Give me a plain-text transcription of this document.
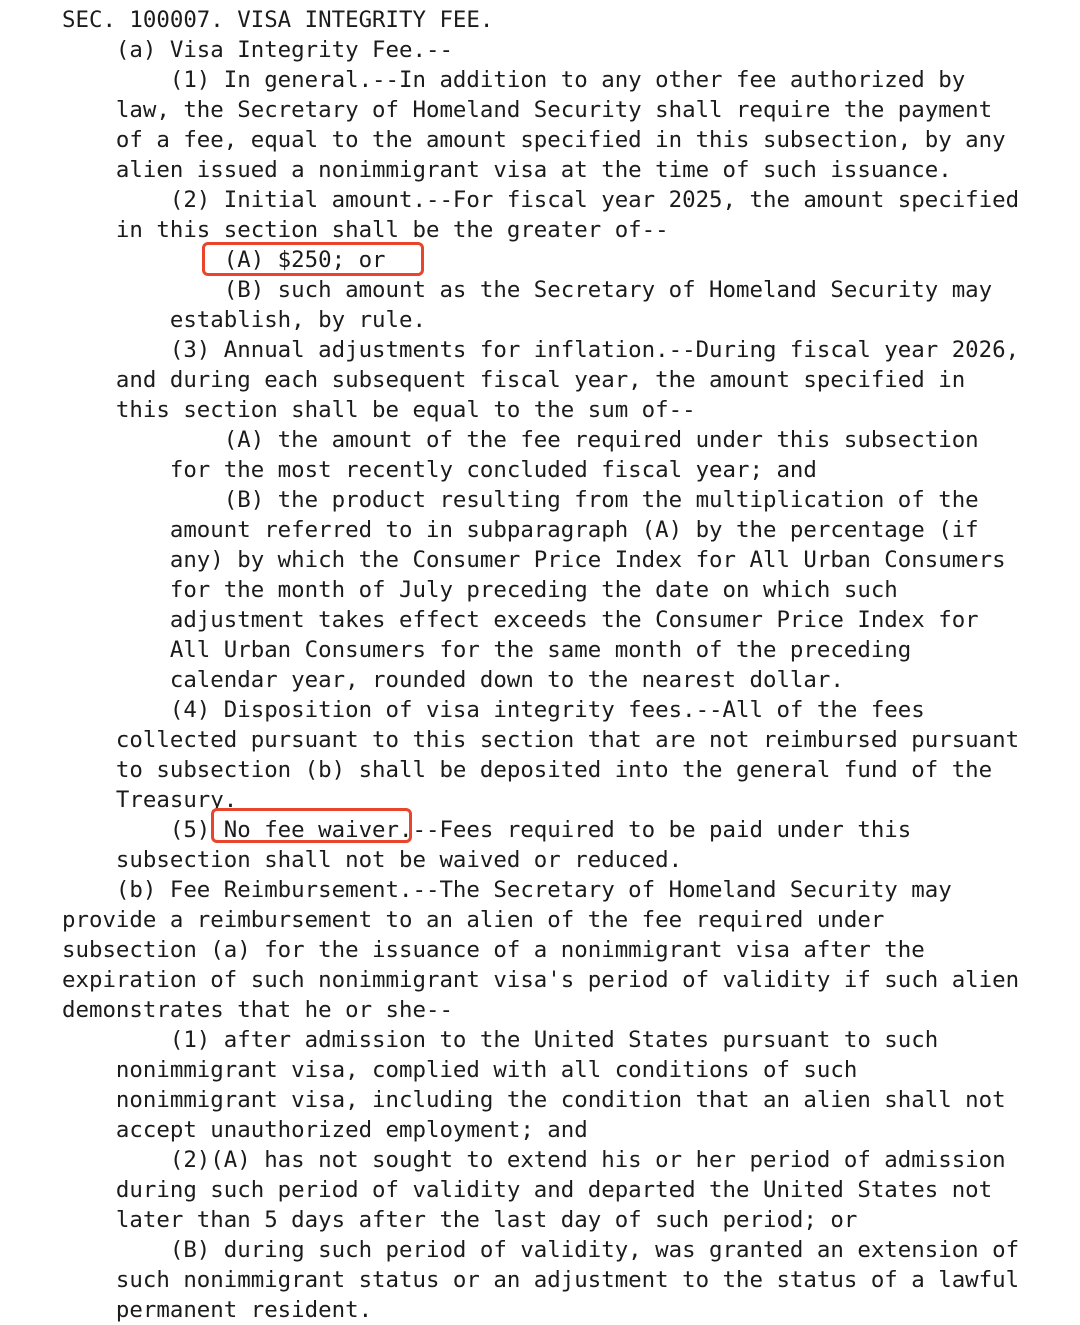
SEC. 100007. VISA INTEGRITY FEE.

(a) Visa Integrity Fee.--

(1) In general.--In addition to any other fee authorized by

law, the Secretary of Homeland Security shall require the payment

of a fee, equal to the amount specified in this subsection, by any

alien issued a nonimmigrant visa at the time of such issuance.

(2) Initial amount.--For fiscal year 2025, the amount specified

in this section shall be the greater of--

(A) $250; or

(B) such amount as the Secretary of Homeland Security may

establish, by rule.

(3) Annual adjustments for inflation.--During fiscal year 2026,

and during each subsequent fiscal year, the amount specified in

this section shall be equal to the sum of--

(A) the amount of the fee required under this subsection

for the most recently concluded fiscal year; and

(B) the product resulting from the multiplication of the

amount referred to in subparagraph (A) by the percentage (if

any) by which the Consumer Price Index for All Urban Consumers

for the month of July preceding the date on which such

adjustment takes effect exceeds the Consumer Price Index for

All Urban Consumers for the same month of the preceding

calendar year, rounded down to the nearest dollar.

(4) Disposition of visa integrity fees.--All of the fees

collected pursuant to this section that are not reimbursed pursuant

to subsection (b) shall be deposited into the general fund of the

Treasury.

(5) No fee waiver.--Fees required to be paid under this

subsection shall not be waived or reduced.

(b) Fee Reimbursement.--The Secretary of Homeland Security may

provide a reimbursement to an alien of the fee required under

subsection (a) for the issuance of a nonimmigrant visa after the

expiration of such nonimmigrant visa's period of validity if such alien

demonstrates that he or she--

(1) after admission to the United States pursuant to such

nonimmigrant visa, complied with all conditions of such

nonimmigrant visa, including the condition that an alien shall not

accept unauthorized employment; and

(2)(A) has not sought to extend his or her period of admission

during such period of validity and departed the United States not

later than 5 days after the last day of such period; or

(B) during such period of validity, was granted an extension of

such nonimmigrant status or an adjustment to the status of a lawful

permanent resident.
